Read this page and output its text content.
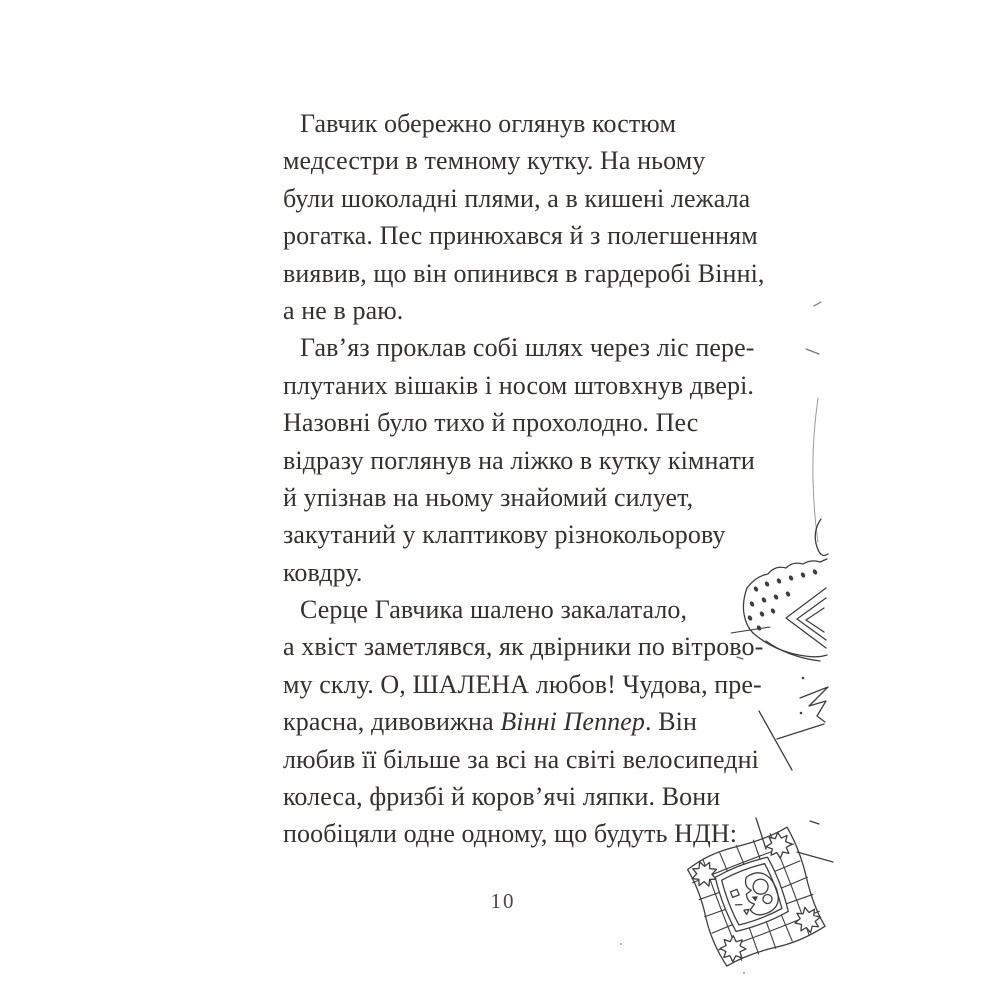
Гавчик обережно оглянув костюм
медсестри в темному кутку. На ньому
були шоколадні плями, а в кишені лежала
рогатка. Пес принюхався й з полегшенням
виявив, що він опинився в гардеробі Вінні,
а не в раю.
Гав’яз проклав собі шлях через ліс пере-
плутаних вішаків і носом штовхнув двері.
Назовні було тихо й прохолодно. Пес
відразу поглянув на ліжко в кутку кімнати
й упізнав на ньому знайомий силует,
закутаний у клаптикову різнокольорову
ковдру.
Серце Гавчика шалено закалатало,
а хвіст заметлявся, як двірники по вітрово-
му склу. О, ШАЛЕНА любов! Чудова, пре-
красна, дивовижна Вінні Пеппер. Він
любив її більше за всі на світі велосипедні
колеса, фризбі й коров’ячі ляпки. Вони
пообіцяли одне одному, що будуть НДН:
10
